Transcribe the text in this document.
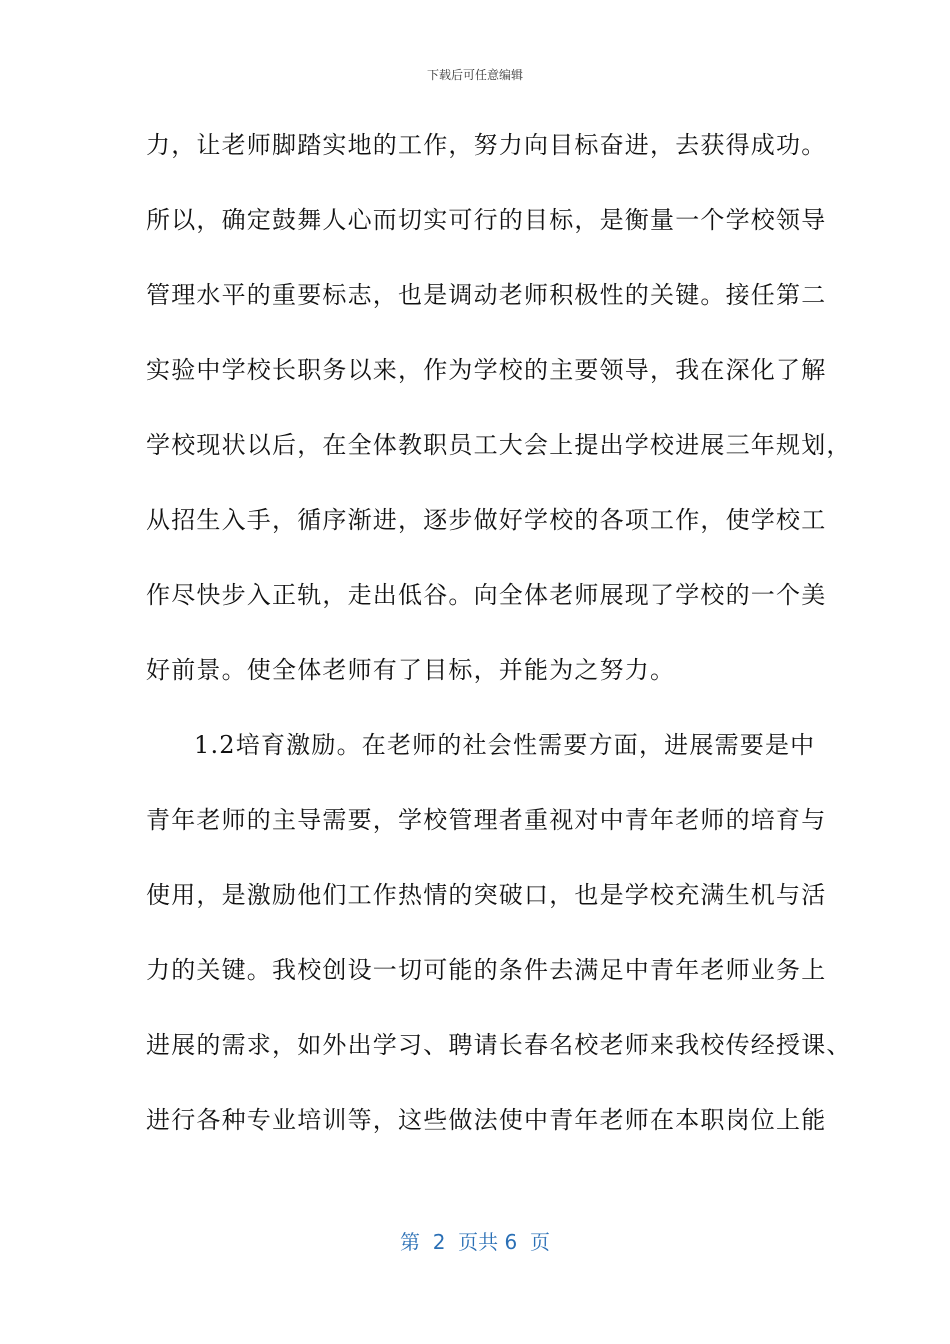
下载后可任意编辑
力，让老师脚踏实地的工作，努力向目标奋进，去获得成功。
所以，确定鼓舞人心而切实可行的目标，是衡量一个学校领导
管理水平的重要标志，也是调动老师积极性的关键。接任第二
实验中学校长职务以来，作为学校的主要领导，我在深化了解
学校现状以后，在全体教职员工大会上提出学校进展三年规划，
从招生入手，循序渐进，逐步做好学校的各项工作，使学校工
作尽快步入正轨，走出低谷。向全体老师展现了学校的一个美
好前景。使全体老师有了目标，并能为之努力。
1.2培育激励。在老师的社会性需要方面，进展需要是中
青年老师的主导需要，学校管理者重视对中青年老师的培育与
使用，是激励他们工作热情的突破口，也是学校充满生机与活
力的关键。我校创设一切可能的条件去满足中青年老师业务上
进展的需求，如外出学习、聘请长春名校老师来我校传经授课、
进行各种专业培训等，这些做法使中青年老师在本职岗位上能
第  2  页共 6  页
